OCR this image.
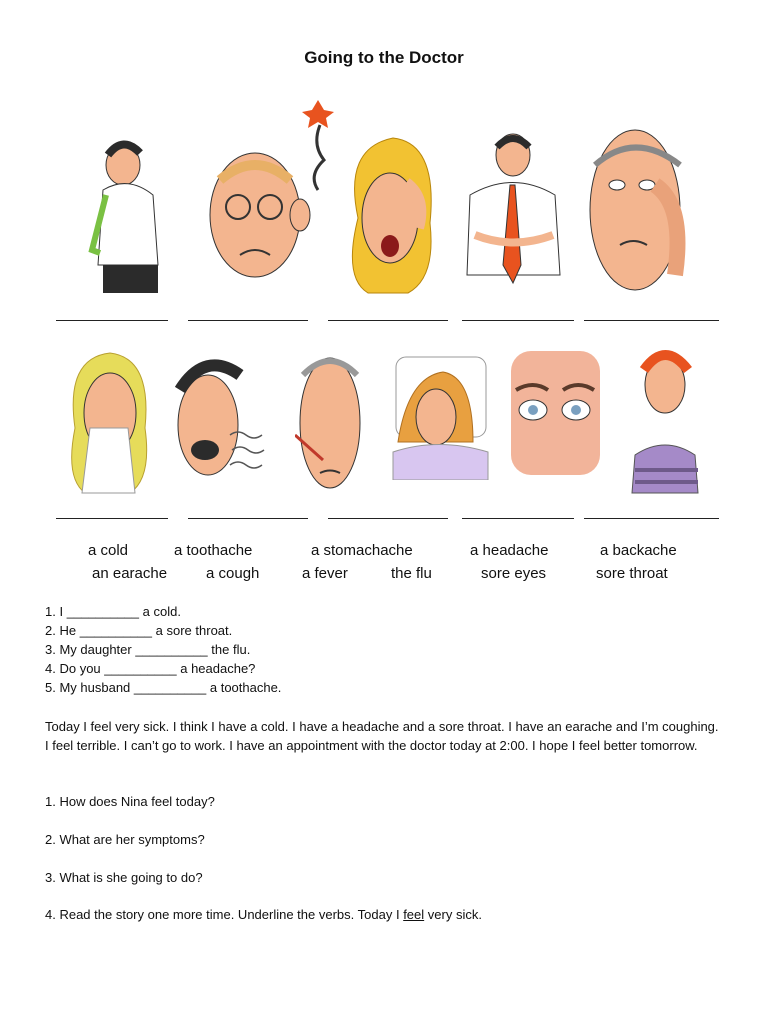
Going to the Doctor
a cold	a toothache	a stomachache	a headache	a backache
an earache	a cough	a fever	the flu	sore eyes	sore throat
1. I __________ a cold.
2. He __________ a sore throat.
3. My daughter __________ the flu.
4. Do you __________ a headache?
5. My husband __________ a toothache.
Today I feel very sick. I think I have a cold. I have a headache and a sore throat. I have an earache and I’m coughing. I feel terrible. I can’t go to work. I have an appointment with the doctor today at 2:00. I hope I feel better tomorrow.
1. How does Nina feel today?
2. What are her symptoms?
3. What is she going to do?
4. Read the story one more time. Underline the verbs. Today I feel very sick.
